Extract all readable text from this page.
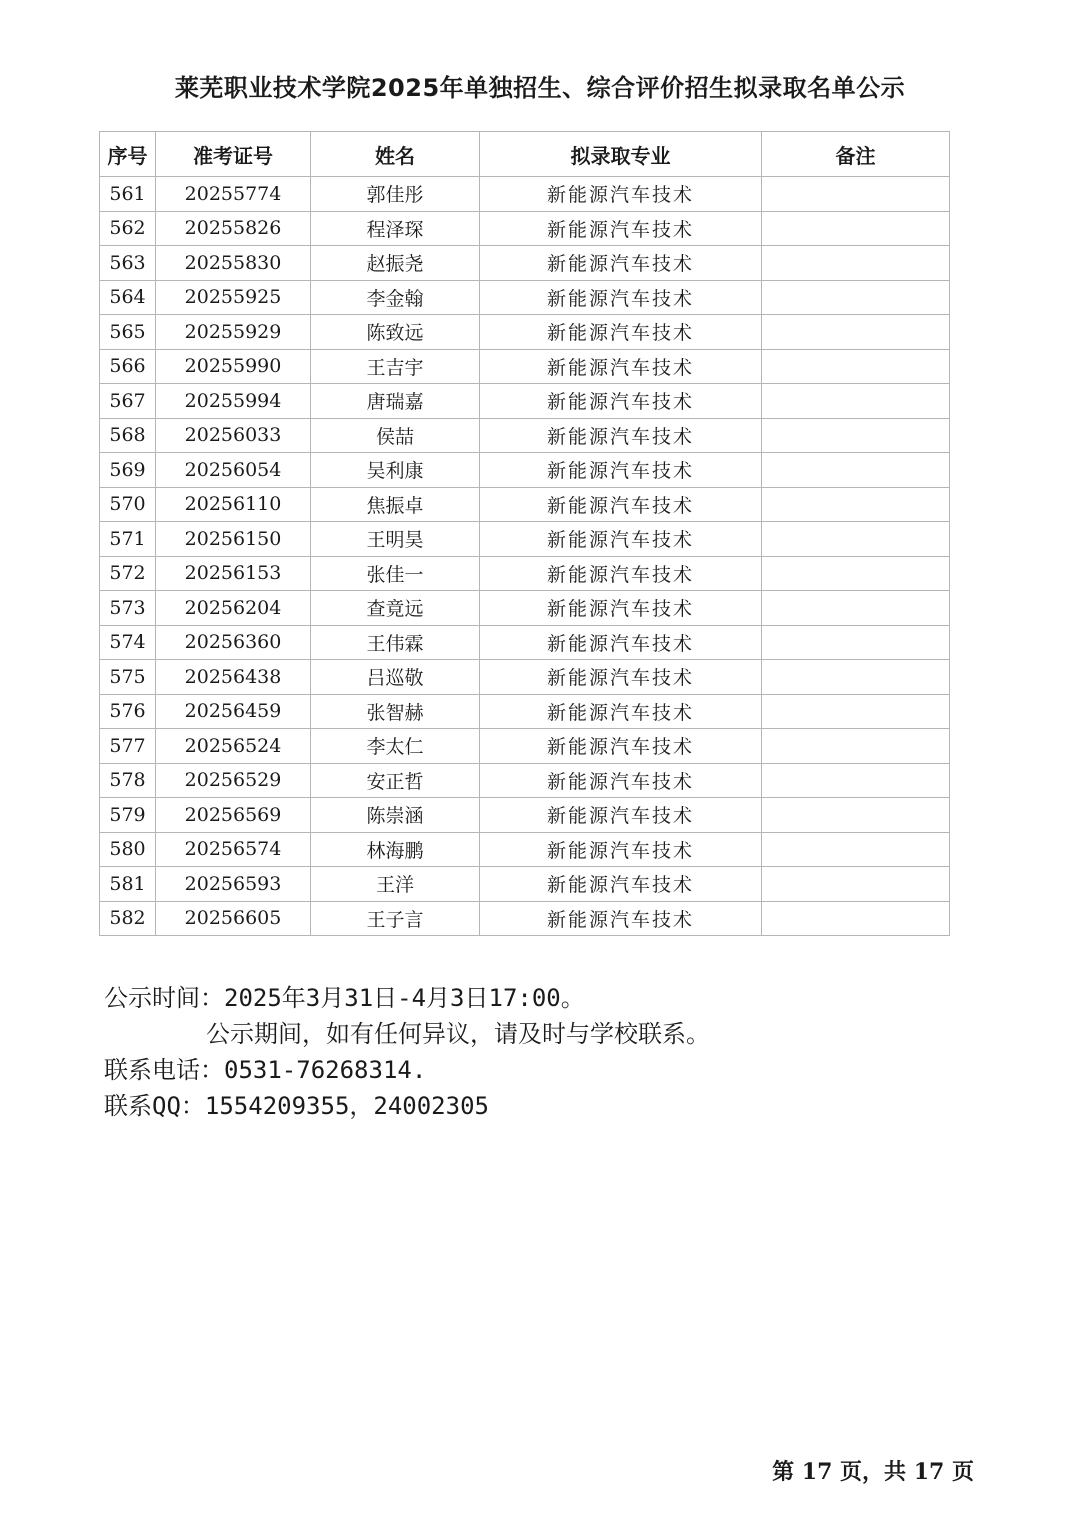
莱芜职业技术学院2025年单独招生、综合评价招生拟录取名单公示
序号	准考证号	姓名	拟录取专业	备注
561	20255774	郭佳彤	新能源汽车技术	
562	20255826	程泽琛	新能源汽车技术	
563	20255830	赵振尧	新能源汽车技术	
564	20255925	李金翰	新能源汽车技术	
565	20255929	陈致远	新能源汽车技术	
566	20255990	王吉宇	新能源汽车技术	
567	20255994	唐瑞嘉	新能源汽车技术	
568	20256033	侯喆	新能源汽车技术	
569	20256054	吴利康	新能源汽车技术	
570	20256110	焦振卓	新能源汽车技术	
571	20256150	王明昊	新能源汽车技术	
572	20256153	张佳一	新能源汽车技术	
573	20256204	查竟远	新能源汽车技术	
574	20256360	王伟霖	新能源汽车技术	
575	20256438	吕巡敬	新能源汽车技术	
576	20256459	张智赫	新能源汽车技术	
577	20256524	李太仁	新能源汽车技术	
578	20256529	安正哲	新能源汽车技术	
579	20256569	陈崇涵	新能源汽车技术	
580	20256574	林海鹏	新能源汽车技术	
581	20256593	王洋	新能源汽车技术	
582	20256605	王子言	新能源汽车技术	
公示时间：2025年3月31日-4月3日17:00。
公示期间，如有任何异议，请及时与学校联系。
联系电话：0531-76268314.
联系QQ：1554209355，24002305
第 17 页，共 17 页
